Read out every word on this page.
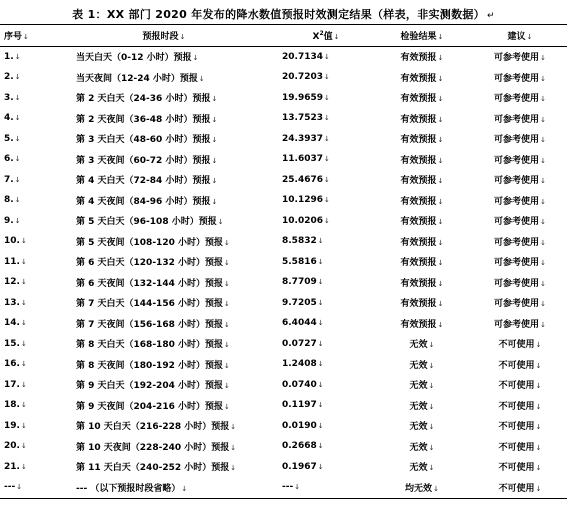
表 1：XX 部门 2020 年发布的降水数值预报时效测定结果（样表，非实测数据） ↵
序号↓	预报时段↓	$X^2$值↓	检验结果↓	建议↓
1.↓	当天白天（0-12 小时）预报↓	20.7134↓	有效预报↓	可参考使用↓
2.↓	当天夜间（12-24 小时）预报↓	20.7203↓	有效预报↓	可参考使用↓
3.↓	第 2 天白天（24-36 小时）预报↓	19.9659↓	有效预报↓	可参考使用↓
4.↓	第 2 天夜间（36-48 小时）预报↓	13.7523↓	有效预报↓	可参考使用↓
5.↓	第 3 天白天（48-60 小时）预报↓	24.3937↓	有效预报↓	可参考使用↓
6.↓	第 3 天夜间（60-72 小时）预报↓	11.6037↓	有效预报↓	可参考使用↓
7.↓	第 4 天白天（72-84 小时）预报↓	25.4676↓	有效预报↓	可参考使用↓
8.↓	第 4 天夜间（84-96 小时）预报↓	10.1296↓	有效预报↓	可参考使用↓
9.↓	第 5 天白天（96-108 小时）预报↓	10.0206↓	有效预报↓	可参考使用↓
10.↓	第 5 天夜间（108-120 小时）预报↓	8.5832↓	有效预报↓	可参考使用↓
11.↓	第 6 天白天（120-132 小时）预报↓	5.5816↓	有效预报↓	可参考使用↓
12.↓	第 6 天夜间（132-144 小时）预报↓	8.7709↓	有效预报↓	可参考使用↓
13.↓	第 7 天白天（144-156 小时）预报↓	9.7205↓	有效预报↓	可参考使用↓
14.↓	第 7 天夜间（156-168 小时）预报↓	6.4044↓	有效预报↓	可参考使用↓
15.↓	第 8 天白天（168-180 小时）预报↓	0.0727↓	无效↓	不可使用↓
16.↓	第 8 天夜间（180-192 小时）预报↓	1.2408↓	无效↓	不可使用↓
17.↓	第 9 天白天（192-204 小时）预报↓	0.0740↓	无效↓	不可使用↓
18.↓	第 9 天夜间（204-216 小时）预报↓	0.1197↓	无效↓	不可使用↓
19.↓	第 10 天白天（216-228 小时）预报↓	0.0190↓	无效↓	不可使用↓
20.↓	第 10 天夜间（228-240 小时）预报↓	0.2668↓	无效↓	不可使用↓
21.↓	第 11 天白天（240-252 小时）预报↓	0.1967↓	无效↓	不可使用↓
---↓	--- （以下预报时段省略）↓	---↓	均无效↓	不可使用↓
